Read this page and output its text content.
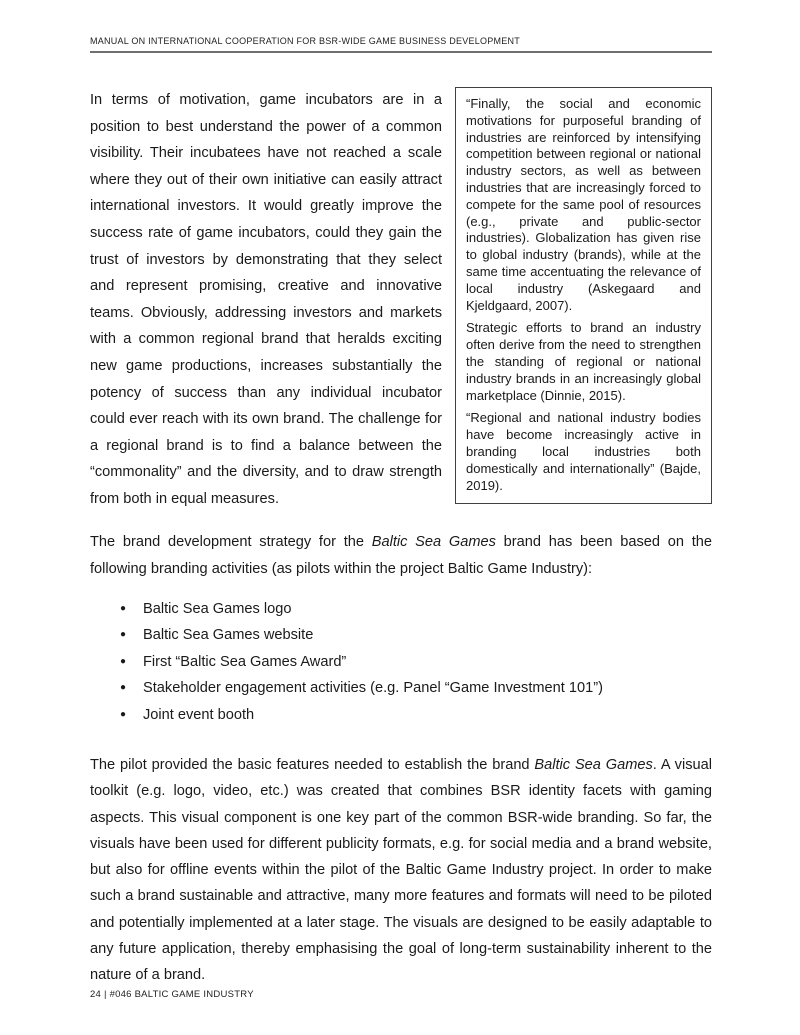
MANUAL ON INTERNATIONAL COOPERATION FOR BSR-WIDE GAME BUSINESS DEVELOPMENT

In terms of motivation, game incubators are in a position to best understand the power of a common visibility. Their incubatees have not reached a scale where they out of their own initiative can easily attract international investors. It would greatly improve the success rate of game incubators, could they gain the trust of investors by demonstrating that they select and represent promising, creative and innovative teams. Obviously, addressing investors and markets with a common regional brand that heralds exciting new game productions, increases substantially the potency of success than any individual incubator could ever reach with its own brand. The challenge for a regional brand is to find a balance between the “commonality” and the diversity, and to draw strength from both in equal measures.

“Finally, the social and economic motivations for purposeful branding of industries are reinforced by intensifying competition between regional or national industry sectors, as well as between industries that are increasingly forced to compete for the same pool of resources (e.g., private and public-sector industries). Globalization has given rise to global industry (brands), while at the same time accentuating the relevance of local industry (Askegaard and Kjeldgaard, 2007).

Strategic efforts to brand an industry often derive from the need to strengthen the standing of regional or national industry brands in an increasingly global marketplace (Dinnie, 2015).

“Regional and national industry bodies have become increasingly active in branding local industries both domestically and internationally” (Bajde, 2019).

The brand development strategy for the Baltic Sea Games brand has been based on the following branding activities (as pilots within the project Baltic Game Industry):

●	Baltic Sea Games logo
●	Baltic Sea Games website
●	First “Baltic Sea Games Award”
●	Stakeholder engagement activities (e.g. Panel “Game Investment 101”)
●	Joint event booth

The pilot provided the basic features needed to establish the brand Baltic Sea Games. A visual toolkit (e.g. logo, video, etc.) was created that combines BSR identity facets with gaming aspects. This visual component is one key part of the common BSR-wide branding. So far, the visuals have been used for different publicity formats, e.g. for social media and a brand website, but also for offline events within the pilot of the Baltic Game Industry project. In order to make such a brand sustainable and attractive, many more features and formats will need to be piloted and potentially implemented at a later stage. The visuals are designed to be easily adaptable to any future application, thereby emphasising the goal of long-term sustainability inherent to the nature of a brand.

24 | #046 BALTIC GAME INDUSTRY
